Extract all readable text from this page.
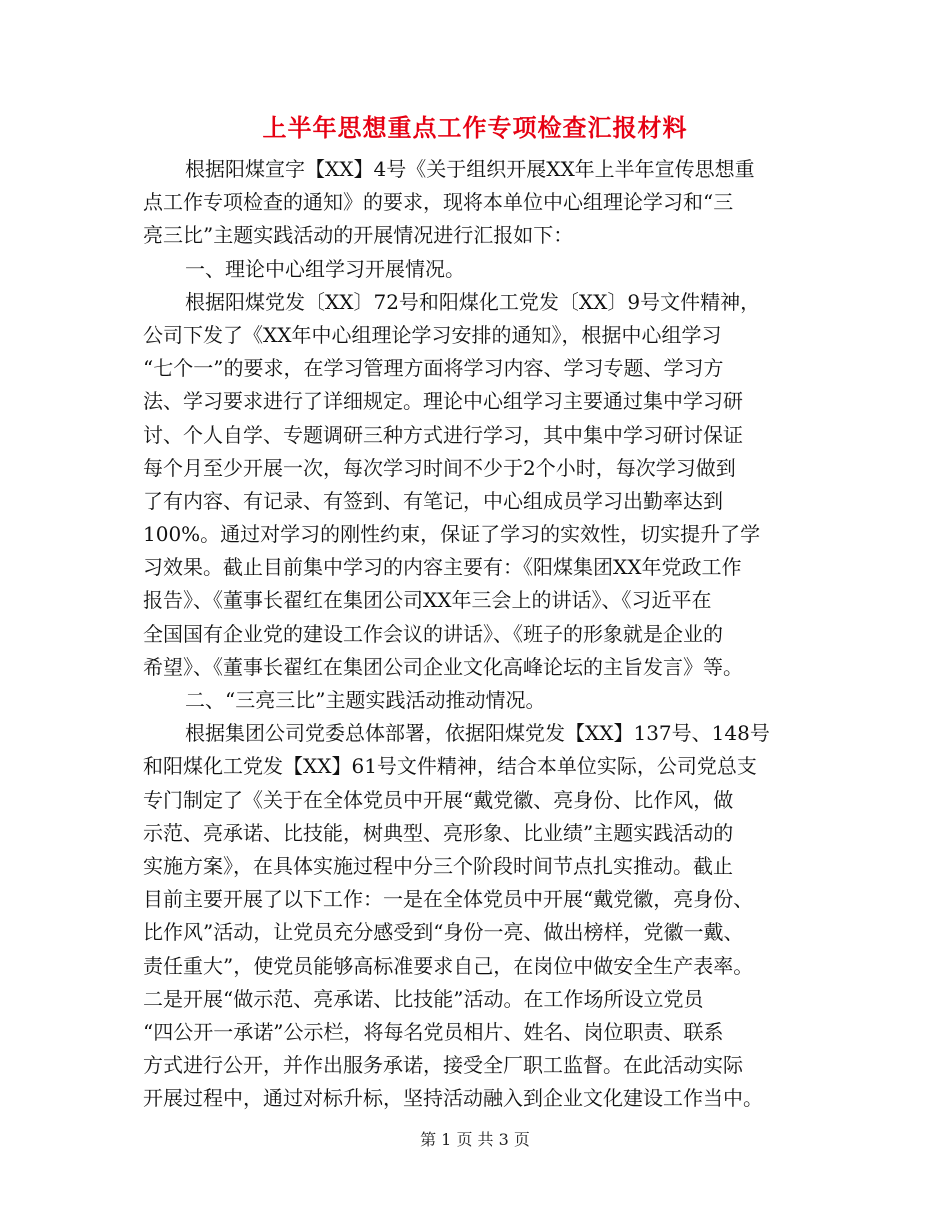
上半年思想重点工作专项检查汇报材料
根据阳煤宣字【XX】4号《关于组织开展XX年上半年宣传思想重
点工作专项检查的通知》的要求，现将本单位中心组理论学习和“三
亮三比”主题实践活动的开展情况进行汇报如下：
一、理论中心组学习开展情况。
根据阳煤党发〔XX〕72号和阳煤化工党发〔XX〕9号文件精神，
公司下发了《XX年中心组理论学习安排的通知》，根据中心组学习
“七个一”的要求，在学习管理方面将学习内容、学习专题、学习方
法、学习要求进行了详细规定。理论中心组学习主要通过集中学习研
讨、个人自学、专题调研三种方式进行学习，其中集中学习研讨保证
每个月至少开展一次，每次学习时间不少于2个小时，每次学习做到
了有内容、有记录、有签到、有笔记，中心组成员学习出勤率达到
100%。通过对学习的刚性约束，保证了学习的实效性，切实提升了学
习效果。截止目前集中学习的内容主要有：《阳煤集团XX年党政工作
报告》、《董事长翟红在集团公司XX年三会上的讲话》、《习近平在
全国国有企业党的建设工作会议的讲话》、《班子的形象就是企业的
希望》、《董事长翟红在集团公司企业文化高峰论坛的主旨发言》等。
二、“三亮三比”主题实践活动推动情况。
根据集团公司党委总体部署，依据阳煤党发【XX】137号、148号
和阳煤化工党发【XX】61号文件精神，结合本单位实际，公司党总支
专门制定了《关于在全体党员中开展“戴党徽、亮身份、比作风，做
示范、亮承诺、比技能，树典型、亮形象、比业绩”主题实践活动的
实施方案》，在具体实施过程中分三个阶段时间节点扎实推动。截止
目前主要开展了以下工作：一是在全体党员中开展“戴党徽，亮身份、
比作风”活动，让党员充分感受到“身份一亮、做出榜样，党徽一戴、
责任重大”，使党员能够高标准要求自己，在岗位中做安全生产表率。
二是开展“做示范、亮承诺、比技能”活动。在工作场所设立党员
“四公开一承诺”公示栏，将每名党员相片、姓名、岗位职责、联系
方式进行公开，并作出服务承诺，接受全厂职工监督。在此活动实际
开展过程中，通过对标升标，坚持活动融入到企业文化建设工作当中。
第 1 页 共 3 页
